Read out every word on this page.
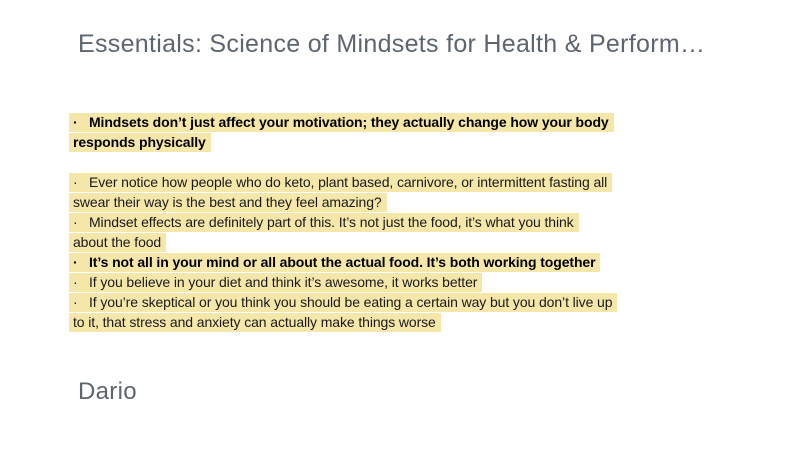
Essentials: Science of Mindsets for Health & Perform…
· Mindsets don’t just affect your motivation; they actually change how your body
responds physically
· Ever notice how people who do keto, plant based, carnivore, or intermittent fasting all
swear their way is the best and they feel amazing?
· Mindset effects are definitely part of this. It’s not just the food, it’s what you think
about the food
· It’s not all in your mind or all about the actual food. It’s both working together
· If you believe in your diet and think it’s awesome, it works better
· If you’re skeptical or you think you should be eating a certain way but you don’t live up
to it, that stress and anxiety can actually make things worse
Dario
